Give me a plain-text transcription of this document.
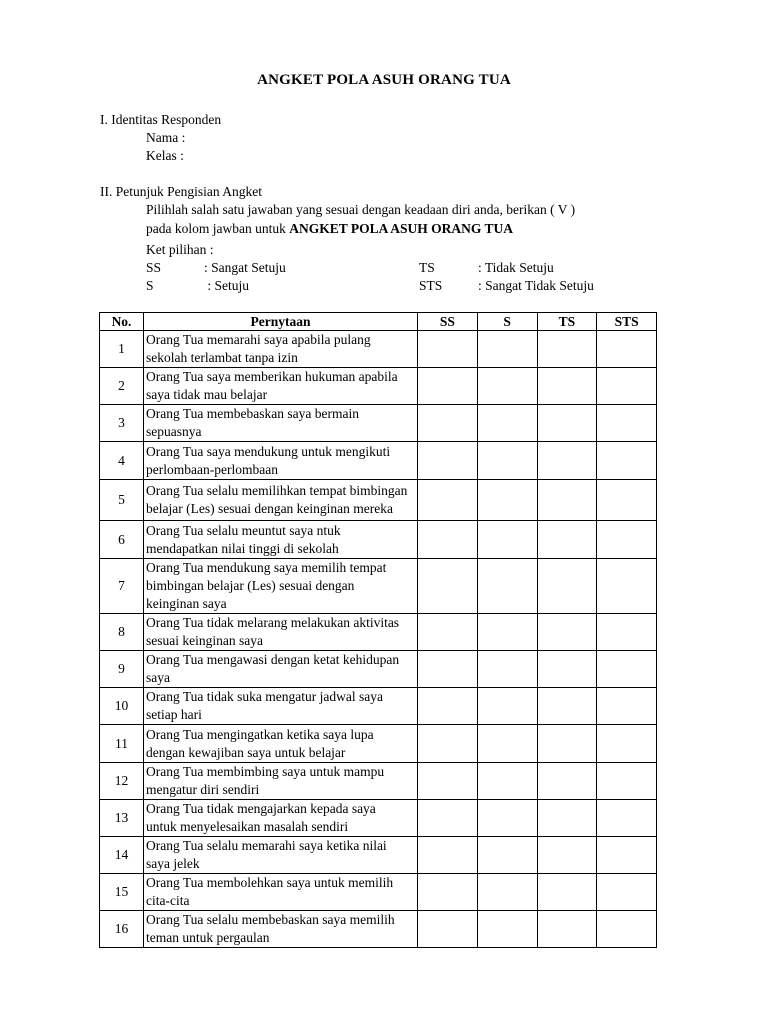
ANGKET POLA ASUH ORANG TUA
I. Identitas Responden
Nama :
Kelas :
II. Petunjuk Pengisian Angket
Pilihlah salah satu jawaban yang sesuai dengan keadaan diri anda, berikan ( V )
pada kolom jawban untuk ANGKET POLA ASUH ORANG TUA
Ket pilihan :
SS	: Sangat Setuju
S	: Setuju
TS	: Tidak Setuju
STS	: Sangat Tidak Setuju
No.	Pernytaan	SS	S	TS	STS
1	Orang Tua memarahi saya apabila pulang
sekolah terlambat tanpa izin				

2	Orang Tua saya memberikan hukuman apabila
saya tidak mau belajar				

3	Orang Tua membebaskan saya bermain
sepuasnya				

4	Orang Tua saya mendukung untuk mengikuti
perlombaan-perlombaan				

5	Orang Tua selalu memilihkan tempat bimbingan
belajar (Les) sesuai dengan keinginan mereka				

6	Orang Tua selalu meuntut saya ntuk
mendapatkan nilai tinggi di sekolah				

7	Orang Tua mendukung saya memilih tempat
bimbingan belajar (Les) sesuai dengan
keinginan saya				

8	Orang Tua tidak melarang melakukan aktivitas
sesuai keinginan saya				

9	Orang Tua mengawasi dengan ketat kehidupan
saya				

10	Orang Tua tidak suka mengatur jadwal saya
setiap hari				

11	Orang Tua mengingatkan ketika saya lupa
dengan kewajiban saya untuk belajar				

12	Orang Tua membimbing saya untuk mampu
mengatur diri sendiri				

13	Orang Tua tidak mengajarkan kepada saya
untuk menyelesaikan masalah sendiri				

14	Orang Tua selalu memarahi saya ketika nilai
saya jelek				

15	Orang Tua membolehkan saya untuk memilih
cita-cita				

16	Orang Tua selalu membebaskan saya memilih
teman untuk pergaulan				
